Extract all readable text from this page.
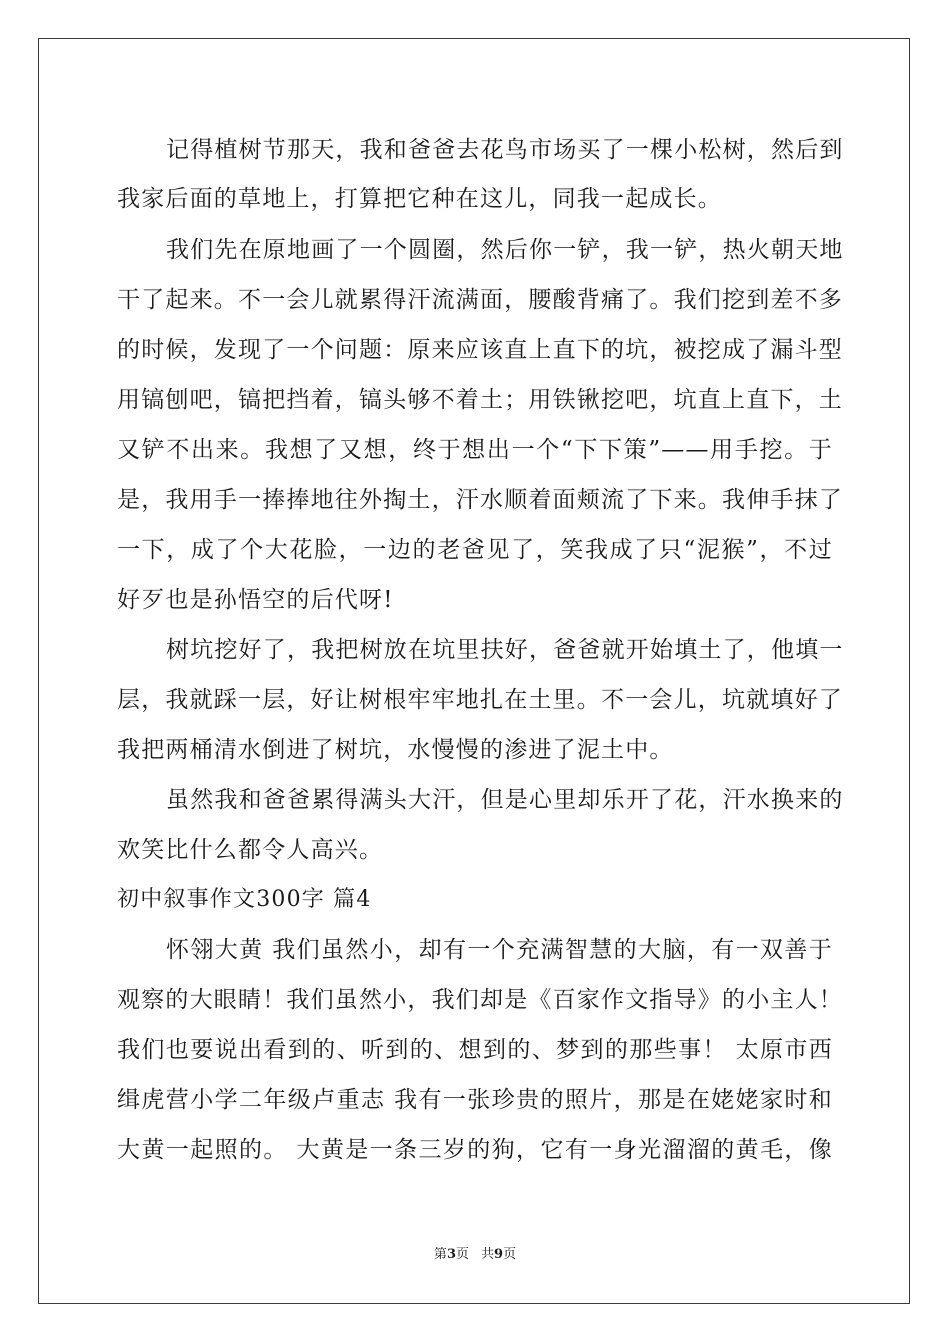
记得植树节那天，我和爸爸去花鸟市场买了一棵小松树，然后到
我家后面的草地上，打算把它种在这儿，同我一起成长。
我们先在原地画了一个圆圈，然后你一铲，我一铲，热火朝天地
干了起来。不一会儿就累得汗流满面，腰酸背痛了。我们挖到差不多
的时候，发现了一个问题：原来应该直上直下的坑，被挖成了漏斗型
用镐刨吧，镐把挡着，镐头够不着土；用铁锹挖吧，坑直上直下，土
又铲不出来。我想了又想，终于想出一个“下下策”——用手挖。于
是，我用手一捧捧地往外掏土，汗水顺着面颊流了下来。我伸手抹了
一下，成了个大花脸，一边的老爸见了，笑我成了只“泥猴”，不过
好歹也是孙悟空的后代呀!
树坑挖好了，我把树放在坑里扶好，爸爸就开始填土了，他填一
层，我就踩一层，好让树根牢牢地扎在土里。不一会儿，坑就填好了
我把两桶清水倒进了树坑，水慢慢的渗进了泥土中。
虽然我和爸爸累得满头大汗，但是心里却乐开了花，汗水换来的
欢笑比什么都令人高兴。
初中叙事作文300字 篇4
怀翎大黄 我们虽然小，却有一个充满智慧的大脑，有一双善于
观察的大眼睛！我们虽然小，我们却是《百家作文指导》的小主人！
我们也要说出看到的、听到的、想到的、梦到的那些事！ 太原市西
缉虎营小学二年级卢重志 我有一张珍贵的照片，那是在姥姥家时和
大黄一起照的。 大黄是一条三岁的狗，它有一身光溜溜的黄毛，像
第3页 共9页
